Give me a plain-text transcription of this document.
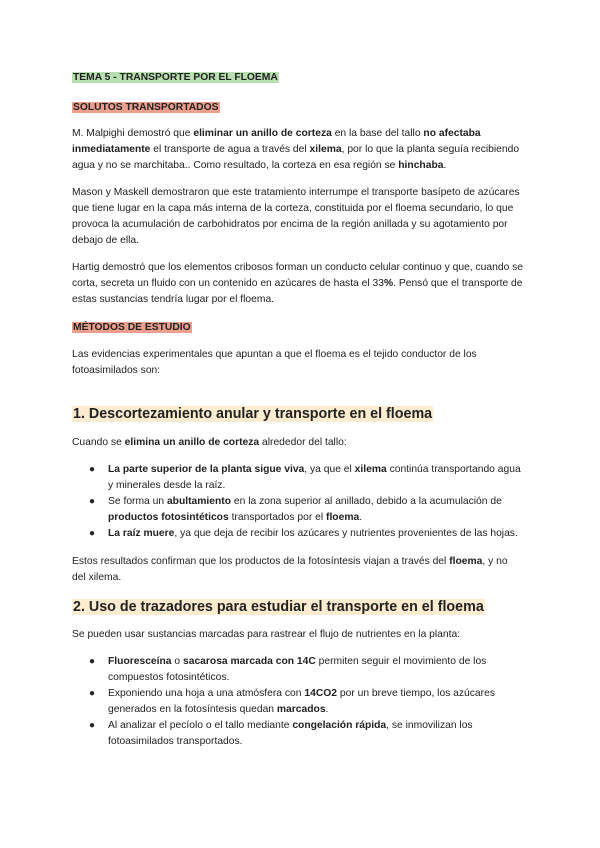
TEMA 5 - TRANSPORTE POR EL FLOEMA

SOLUTOS TRANSPORTADOS

M. Malpighi demostró que eliminar un anillo de corteza en la base del tallo no afectaba inmediatamente el transporte de agua a través del xilema, por lo que la planta seguía recibiendo agua y no se marchitaba.. Como resultado, la corteza en esa región se hinchaba.

Mason y Maskell demostraron que este tratamiento interrumpe el transporte basípeto de azúcares que tiene lugar en la capa más interna de la corteza, constituida por el floema secundario, lo que provoca la acumulación de carbohidratos por encima de la región anillada y su agotamiento por debajo de ella.

Hartig demostró que los elementos cribosos forman un conducto celular continuo y que, cuando se corta, secreta un fluido con un contenido en azúcares de hasta el 33%. Pensó que el transporte de estas sustancias tendría lugar por el floema.

MÉTODOS DE ESTUDIO

Las evidencias experimentales que apuntan a que el floema es el tejido conductor de los fotoasimilados son:

1. Descortezamiento anular y transporte en el floema

Cuando se elimina un anillo de corteza alrededor del tallo:

● La parte superior de la planta sigue viva, ya que el xilema continúa transportando agua y minerales desde la raíz.
● Se forma un abultamiento en la zona superior al anillado, debido a la acumulación de productos fotosintéticos transportados por el floema.
● La raíz muere, ya que deja de recibir los azúcares y nutrientes provenientes de las hojas.

Estos resultados confirman que los productos de la fotosíntesis viajan a través del floema, y no del xilema.

2. Uso de trazadores para estudiar el transporte en el floema

Se pueden usar sustancias marcadas para rastrear el flujo de nutrientes en la planta:

● Fluoresceína o sacarosa marcada con 14C permiten seguir el movimiento de los compuestos fotosintéticos.
● Exponiendo una hoja a una atmósfera con 14CO2 por un breve tiempo, los azúcares generados en la fotosíntesis quedan marcados.
● Al analizar el pecíolo o el tallo mediante congelación rápida, se inmovilizan los fotoasimilados transportados.
